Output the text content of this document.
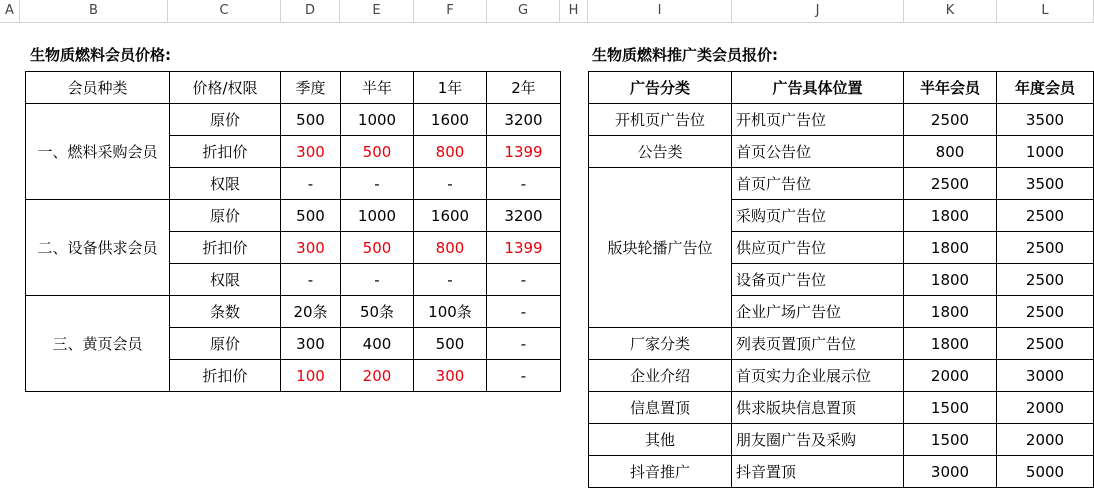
A	B	C	D	E	F	G	H	I	J	K	L
生物质燃料会员价格:
会员种类	价格/权限	季度	半年	1年	2年
一、燃料采购会员	原价	500	1000	1600	3200
	折扣价	300	500	800	1399
	权限	-	-	-	-
二、设备供求会员	原价	500	1000	1600	3200
	折扣价	300	500	800	1399
	权限	-	-	-	-
三、黄页会员	条数	20条	50条	100条	-
	原价	300	400	500	-
	折扣价	100	200	300	-
生物质燃料推广类会员报价:
广告分类	广告具体位置	半年会员	年度会员
开机页广告位	开机页广告位	2500	3500
公告类	首页公告位	800	1000
版块轮播广告位	首页广告位	2500	3500
	采购页广告位	1800	2500
	供应页广告位	1800	2500
	设备页广告位	1800	2500
	企业广场广告位	1800	2500
厂家分类	列表页置顶广告位	1800	2500
企业介绍	首页实力企业展示位	2000	3000
信息置顶	供求版块信息置顶	1500	2000
其他	朋友圈广告及采购	1500	2000
抖音推广	抖音置顶	3000	5000
